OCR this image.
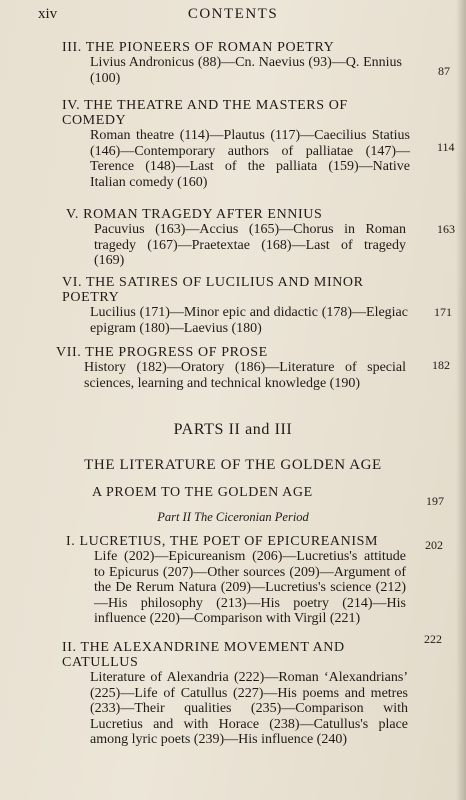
xiv	CONTENTS
III. THE PIONEERS OF ROMAN POETRY
Livius Andronicus (88)—Cn. Naevius (93)—Q. Ennius (100)	87
IV. THE THEATRE AND THE MASTERS OF COMEDY
Roman theatre (114)—Plautus (117)—Caecilius Statius (146)—Contemporary authors of palliatae (147)—Terence (148)—Last of the palliata (159)—Native Italian comedy (160)
114
V. ROMAN TRAGEDY AFTER ENNIUS
Pacuvius (163)—Accius (165)—Chorus in Roman tragedy (167)—Praetextae (168)—Last of tragedy (169)
163
VI. THE SATIRES OF LUCILIUS AND MINOR POETRY
Lucilius (171)—Minor epic and didactic (178)—Elegiac epigram (180)—Laevius (180)
171
VII. THE PROGRESS OF PROSE
History (182)—Oratory (186)—Literature of special sciences, learning and technical knowledge (190)
182
PARTS II and III
THE LITERATURE OF THE GOLDEN AGE
A PROEM TO THE GOLDEN AGE
197
Part II The Ciceronian Period
I. LUCRETIUS, THE POET OF EPICUREANISM
Life (202)—Epicureanism (206)—Lucretius's attitude to Epicurus (207)—Other sources (209)—Argument of the De Rerum Natura (209)—Lucretius's science (212)—His philosophy (213)—His poetry (214)—His influence (220)—Comparison with Virgil (221)
202
II. THE ALEXANDRINE MOVEMENT AND CATULLUS
Literature of Alexandria (222)—Roman ‘Alexandrians’ (225)—Life of Catullus (227)—His poems and metres (233)—Their qualities (235)—Comparison with Lucretius and with Horace (238)—Catullus's place among lyric poets (239)—His influence (240)
222
